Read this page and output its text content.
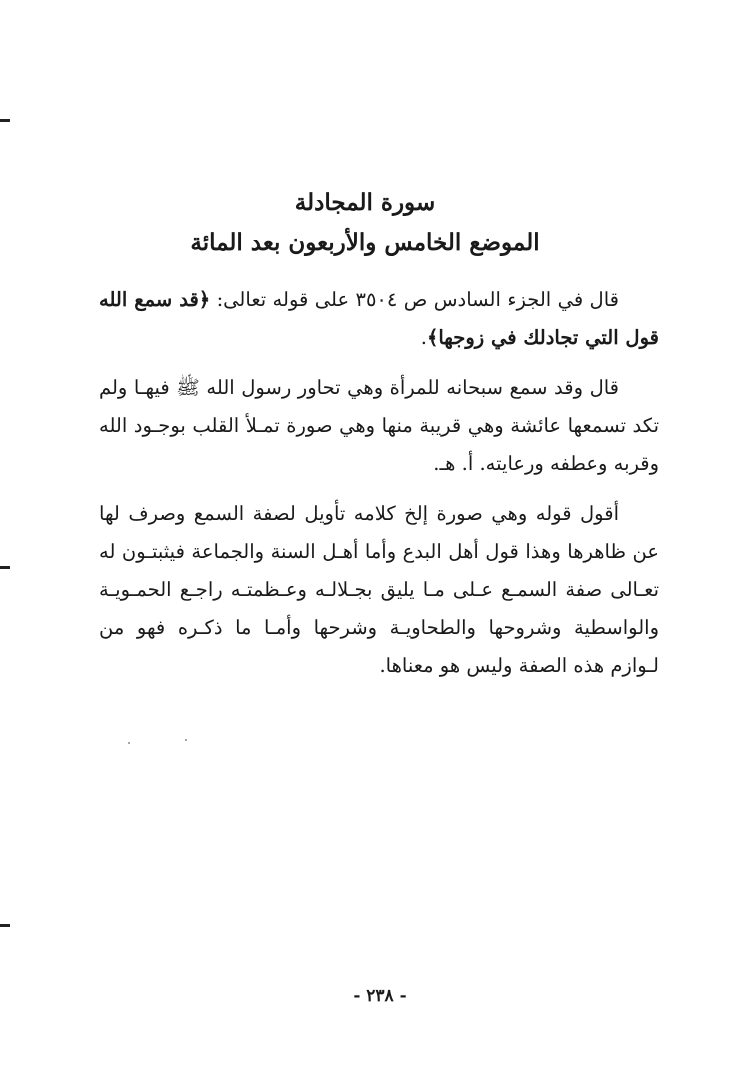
سورة المجادلة
الموضع الخامس والأربعون بعد المائة

قال في الجزء السادس ص ٣٥٠٤ على قوله تعالى: ﴿قد سمع الله قول التي تجادلك في زوجها﴾.

قال وقد سمع سبحانه للمرأة وهي تحاور رسول الله ﷺ فيهـا ولم تكد تسمعها عائشة وهي قريبة منها وهي صورة تمـلأ القلب بوجـود الله وقربه وعطفه ورعايته. أ. هـ.

أقول قوله وهي صورة إلخ كلامه تأويل لصفة السمع وصرف لها عن ظاهرها وهذا قول أهل البدع وأما أهـل السنة والجماعة فيثبتـون له تعـالى صفة السمـع عـلى مـا يليق بجـلالـه وعـظمتـه راجـع الحمـويـة والواسطية وشروحها والطحاويـة وشرحها وأمـا ما ذكـره فهو من لـوازم هذه الصفة وليس هو معناها.

- ٢٣٨ -
